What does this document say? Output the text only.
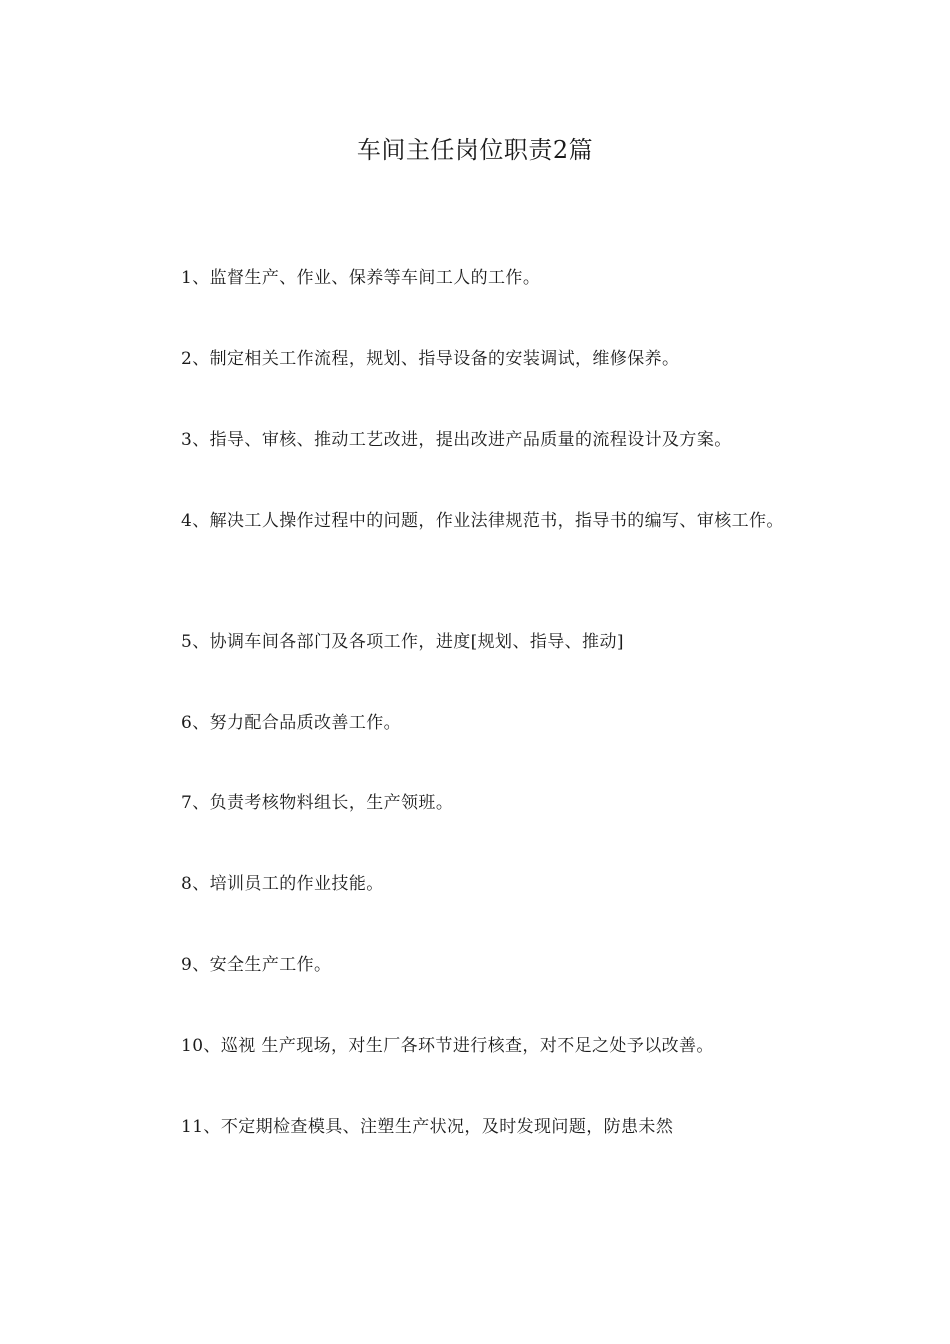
车间主任岗位职责2篇

1、监督生产、作业、保养等车间工人的工作。

2、制定相关工作流程，规划、指导设备的安装调试，维修保养。

3、指导、审核、推动工艺改进，提出改进产品质量的流程设计及方案。

4、解决工人操作过程中的问题，作业法律规范书，指导书的编写、审核工作。

5、协调车间各部门及各项工作，进度[规划、指导、推动]

6、努力配合品质改善工作。

7、负责考核物料组长，生产领班。

8、培训员工的作业技能。

9、安全生产工作。

10、巡视 生产现场，对生厂各环节进行核查，对不足之处予以改善。

11、不定期检查模具、注塑生产状况，及时发现问题，防患未然
